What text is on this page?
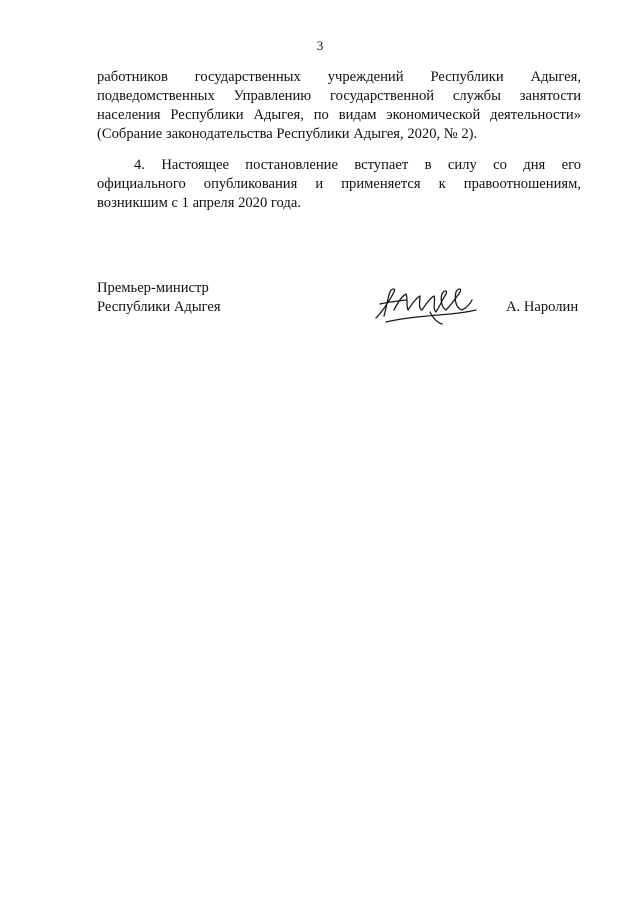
3
работников государственных учреждений Республики Адыгея,
подведомственных Управлению государственной службы занятости
населения Республики Адыгея, по видам экономической деятельности»
(Собрание законодательства Республики Адыгея, 2020, № 2).
4. Настоящее постановление вступает в силу со дня его
официального опубликования и применяется к правоотношениям,
возникшим с 1 апреля 2020 года.
Премьер-министр
Республики Адыгея	А. Наролин
